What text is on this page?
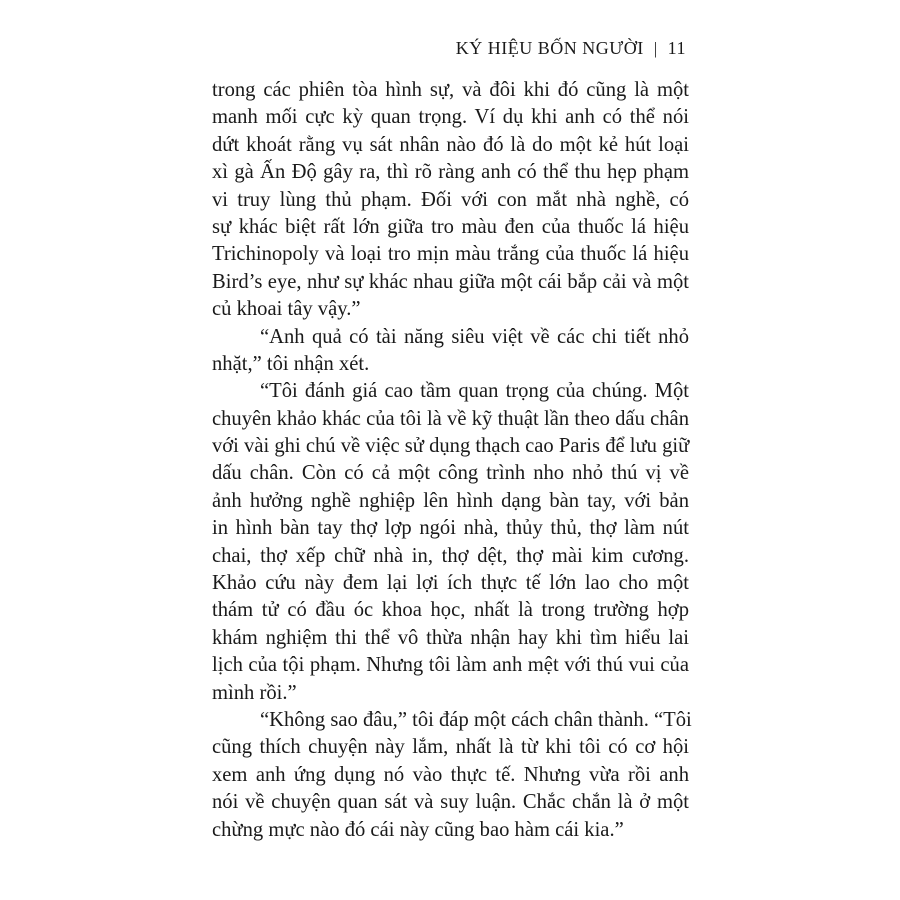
KÝ HIỆU BỐN NGƯỜI | 11
trong các phiên tòa hình sự, và đôi khi đó cũng là một
manh mối cực kỳ quan trọng. Ví dụ khi anh có thể nói
dứt khoát rằng vụ sát nhân nào đó là do một kẻ hút loại
xì gà Ấn Độ gây ra, thì rõ ràng anh có thể thu hẹp phạm
vi truy lùng thủ phạm. Đối với con mắt nhà nghề, có
sự khác biệt rất lớn giữa tro màu đen của thuốc lá hiệu
Trichinopoly và loại tro mịn màu trắng của thuốc lá hiệu
Bird’s eye, như sự khác nhau giữa một cái bắp cải và một
củ khoai tây vậy.”
“Anh quả có tài năng siêu việt về các chi tiết nhỏ
nhặt,” tôi nhận xét.
“Tôi đánh giá cao tầm quan trọng của chúng. Một
chuyên khảo khác của tôi là về kỹ thuật lần theo dấu chân
với vài ghi chú về việc sử dụng thạch cao Paris để lưu giữ
dấu chân. Còn có cả một công trình nho nhỏ thú vị về
ảnh hưởng nghề nghiệp lên hình dạng bàn tay, với bản
in hình bàn tay thợ lợp ngói nhà, thủy thủ, thợ làm nút
chai, thợ xếp chữ nhà in, thợ dệt, thợ mài kim cương.
Khảo cứu này đem lại lợi ích thực tế lớn lao cho một
thám tử có đầu óc khoa học, nhất là trong trường hợp
khám nghiệm thi thể vô thừa nhận hay khi tìm hiểu lai
lịch của tội phạm. Nhưng tôi làm anh mệt với thú vui của
mình rồi.”
“Không sao đâu,” tôi đáp một cách chân thành. “Tôi
cũng thích chuyện này lắm, nhất là từ khi tôi có cơ hội
xem anh ứng dụng nó vào thực tế. Nhưng vừa rồi anh
nói về chuyện quan sát và suy luận. Chắc chắn là ở một
chừng mực nào đó cái này cũng bao hàm cái kia.”
